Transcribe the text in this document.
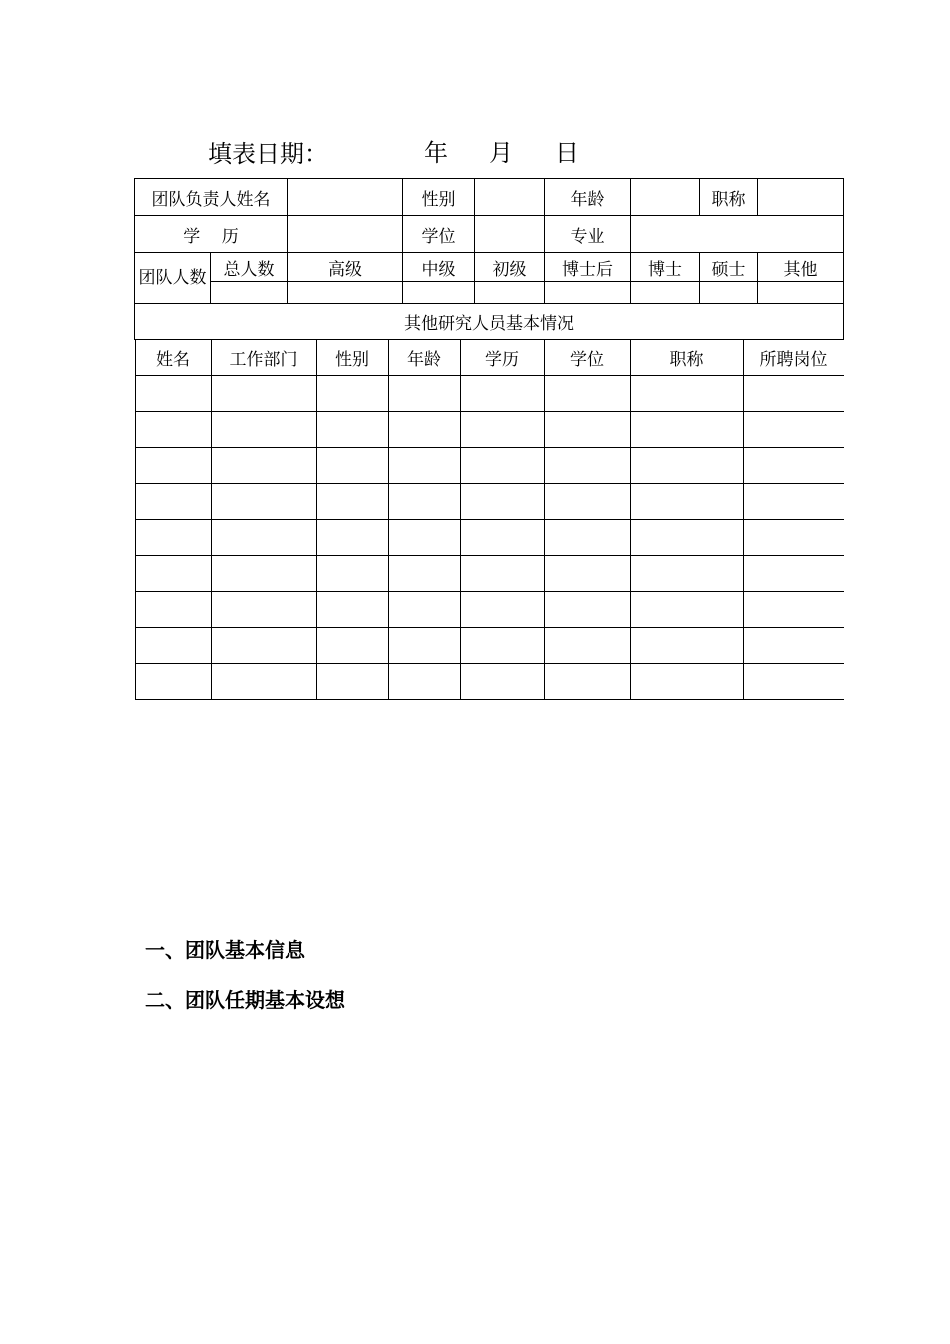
填表日期：	年 月 日
团队负责人姓名		性别		年龄		职称	
学    历		学位		专业	
团队人数	总人数	高级	中级	初级	博士后	博士	硕士	其他

其他研究人员基本情况

姓名	工作部门	性别	年龄	学历	学位	职称	所聘岗位

一、团队基本信息
二、团队任期基本设想
